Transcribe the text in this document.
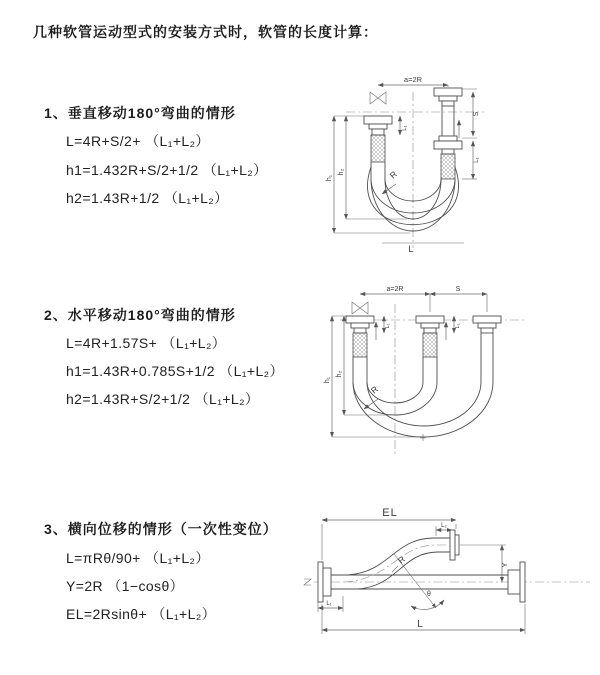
几种软管运动型式的安装方式时，软管的长度计算：
1、垂直移动180°弯曲的情形
L=4R+S/2+ （L₁+L₂）
h1=1.432R+S/2+1/2 （L₁+L₂）
h2=1.43R+1/2 （L₁+L₂）
2、水平移动180°弯曲的情形
L=4R+1.57S+ （L₁+L₂）
h1=1.43R+0.785S+1/2 （L₁+L₂）
h2=1.43R+S/2+1/2 （L₁+L₂）
3、横向位移的情形（一次性变位）
L=πRθ/90+ （L₁+L₂）
Y=2R （1−cosθ）
EL=2Rsinθ+ （L₁+L₂）
a=2R
L₁
S
L₁
h₁
h₂	R
L
a=2R	S
L₁	L₁
h₁
h₂
R
θ
R
EL
L₂
Y
L₁
L
